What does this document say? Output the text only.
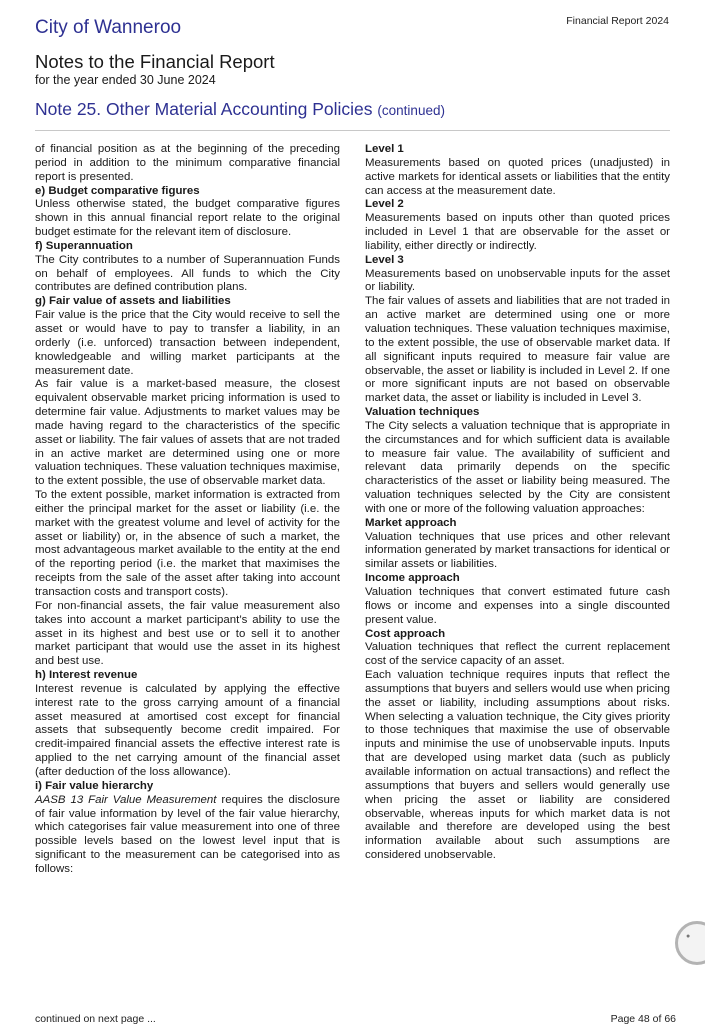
City of Wanneroo	Financial Report 2024
Notes to the Financial Report
for the year ended 30 June 2024
Note 25. Other Material Accounting Policies (continued)

of financial position as at the beginning of the preceding period in addition to the minimum comparative financial report is presented.

e) Budget comparative figures

Unless otherwise stated, the budget comparative figures shown in this annual financial report relate to the original budget estimate for the relevant item of disclosure.

f) Superannuation

The City contributes to a number of Superannuation Funds on behalf of employees. All funds to which the City contributes are defined contribution plans.

g) Fair value of assets and liabilities

Fair value is the price that the City would receive to sell the asset or would have to pay to transfer a liability, in an orderly (i.e. unforced) transaction between independent, knowledgeable and willing market participants at the measurement date.

As fair value is a market-based measure, the closest equivalent observable market pricing information is used to determine fair value. Adjustments to market values may be made having regard to the characteristics of the specific asset or liability. The fair values of assets that are not traded in an active market are determined using one or more valuation techniques. These valuation techniques maximise, to the extent possible, the use of observable market data.

To the extent possible, market information is extracted from either the principal market for the asset or liability (i.e. the market with the greatest volume and level of activity for the asset or liability) or, in the absence of such a market, the most advantageous market available to the entity at the end of the reporting period (i.e. the market that maximises the receipts from the sale of the asset after taking into account transaction costs and transport costs).

For non-financial assets, the fair value measurement also takes into account a market participant’s ability to use the asset in its highest and best use or to sell it to another market participant that would use the asset in its highest and best use.

h) Interest revenue

Interest revenue is calculated by applying the effective interest rate to the gross carrying amount of a financial asset measured at amortised cost except for financial assets that subsequently become credit impaired. For credit-impaired financial assets the effective interest rate is applied to the net carrying amount of the financial asset (after deduction of the loss allowance).

i) Fair value hierarchy

AASB 13 Fair Value Measurement requires the disclosure of fair value information by level of the fair value hierarchy, which categorises fair value measurement into one of three possible levels based on the lowest level input that is significant to the measurement can be categorised into as follows:

Level 1

Measurements based on quoted prices (unadjusted) in active markets for identical assets or liabilities that the entity can access at the measurement date.

Level 2

Measurements based on inputs other than quoted prices included in Level 1 that are observable for the asset or liability, either directly or indirectly.

Level 3

Measurements based on unobservable inputs for the asset or liability.

The fair values of assets and liabilities that are not traded in an active market are determined using one or more valuation techniques. These valuation techniques maximise, to the extent possible, the use of observable market data. If all significant inputs required to measure fair value are observable, the asset or liability is included in Level 2. If one or more significant inputs are not based on observable market data, the asset or liability is included in Level 3.

Valuation techniques

The City selects a valuation technique that is appropriate in the circumstances and for which sufficient data is available to measure fair value. The availability of sufficient and relevant data primarily depends on the specific characteristics of the asset or liability being measured. The valuation techniques selected by the City are consistent with one or more of the following valuation approaches:

Market approach

Valuation techniques that use prices and other relevant information generated by market transactions for identical or similar assets or liabilities.

Income approach

Valuation techniques that convert estimated future cash flows or income and expenses into a single discounted present value.

Cost approach

Valuation techniques that reflect the current replacement cost of the service capacity of an asset.

Each valuation technique requires inputs that reflect the assumptions that buyers and sellers would use when pricing the asset or liability, including assumptions about risks. When selecting a valuation technique, the City gives priority to those techniques that maximise the use of observable inputs and minimise the use of unobservable inputs. Inputs that are developed using market data (such as publicly available information on actual transactions) and reflect the assumptions that buyers and sellers would generally use when pricing the asset or liability are considered observable, whereas inputs for which market data is not available and therefore are developed using the best information available about such assumptions are considered unobservable.

●
continued on next page ...	Page 48 of 66
